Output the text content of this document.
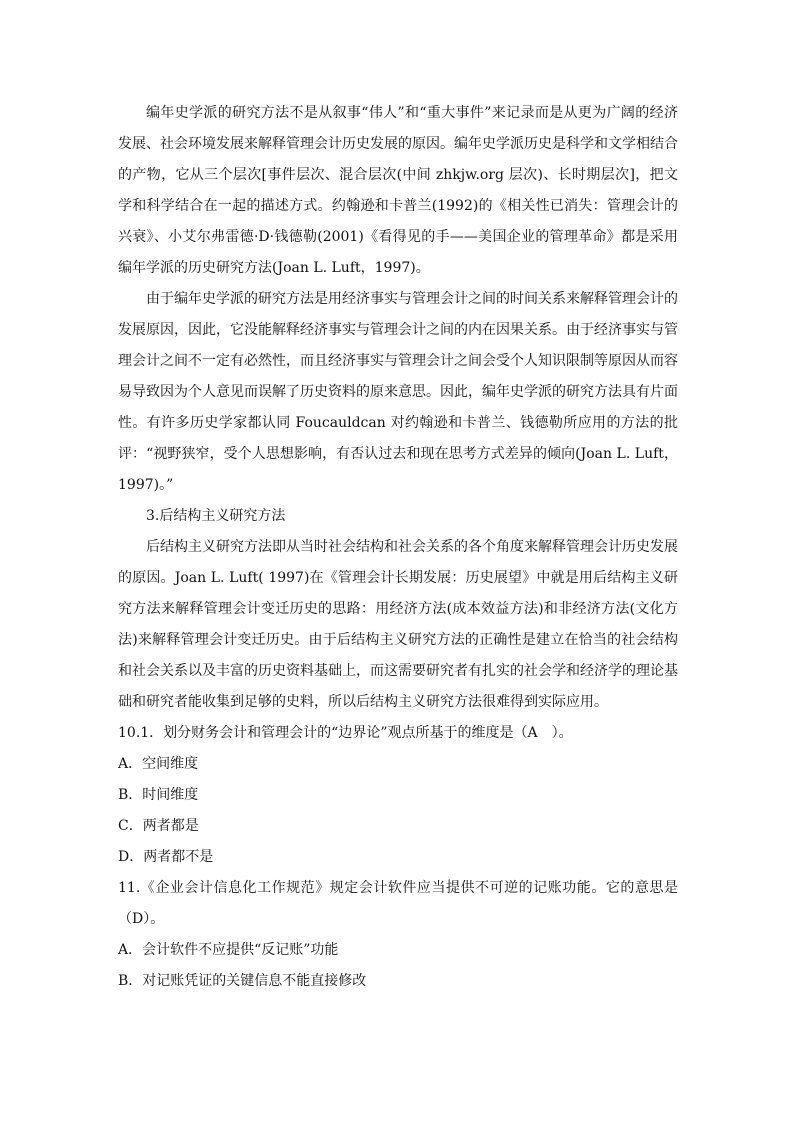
编年史学派的研究方法不是从叙事“伟人”和“重大事件”来记录而是从更为广阔的经济发展、社会环境发展来解释管理会计历史发展的原因。编年史学派历史是科学和文学相结合的产物，它从三个层次[事件层次、混合层次(中间 zhkjw.org 层次)、长时期层次]，把文学和科学结合在一起的描述方式。约翰逊和卡普兰(1992)的《相关性已消失：管理会计的兴衰》、小艾尔弗雷德·D·钱德勒(2001)《看得见的手——美国企业的管理革命》都是采用编年学派的历史研究方法(Joan L. Luft，1997)。

由于编年史学派的研究方法是用经济事实与管理会计之间的时间关系来解释管理会计的发展原因，因此，它没能解释经济事实与管理会计之间的内在因果关系。由于经济事实与管理会计之间不一定有必然性，而且经济事实与管理会计之间会受个人知识限制等原因从而容易导致因为个人意见而误解了历史资料的原来意思。因此，编年史学派的研究方法具有片面性。有许多历史学家都认同 Foucauldcan 对约翰逊和卡普兰、钱德勒所应用的方法的批评：“视野狭窄，受个人思想影响，有否认过去和现在思考方式差异的倾向(Joan L. Luft， 1997)。”

3.后结构主义研究方法

后结构主义研究方法即从当时社会结构和社会关系的各个角度来解释管理会计历史发展的原因。Joan L. Luft( 1997)在《管理会计长期发展：历史展望》中就是用后结构主义研究方法来解释管理会计变迁历史的思路：用经济方法(成本效益方法)和非经济方法(文化方法)来解释管理会计变迁历史。由于后结构主义研究方法的正确性是建立在恰当的社会结构和社会关系以及丰富的历史资料基础上，而这需要研究者有扎实的社会学和经济学的理论基础和研究者能收集到足够的史料，所以后结构主义研究方法很难得到实际应用。

10.1．划分财务会计和管理会计的“边界论”观点所基于的维度是（A　）。

A．空间维度

B．时间维度

C．两者都是

D．两者都不是

11.《企业会计信息化工作规范》规定会计软件应当提供不可逆的记账功能。它的意思是（D）。

A．会计软件不应提供“反记账”功能

B．对记账凭证的关键信息不能直接修改
